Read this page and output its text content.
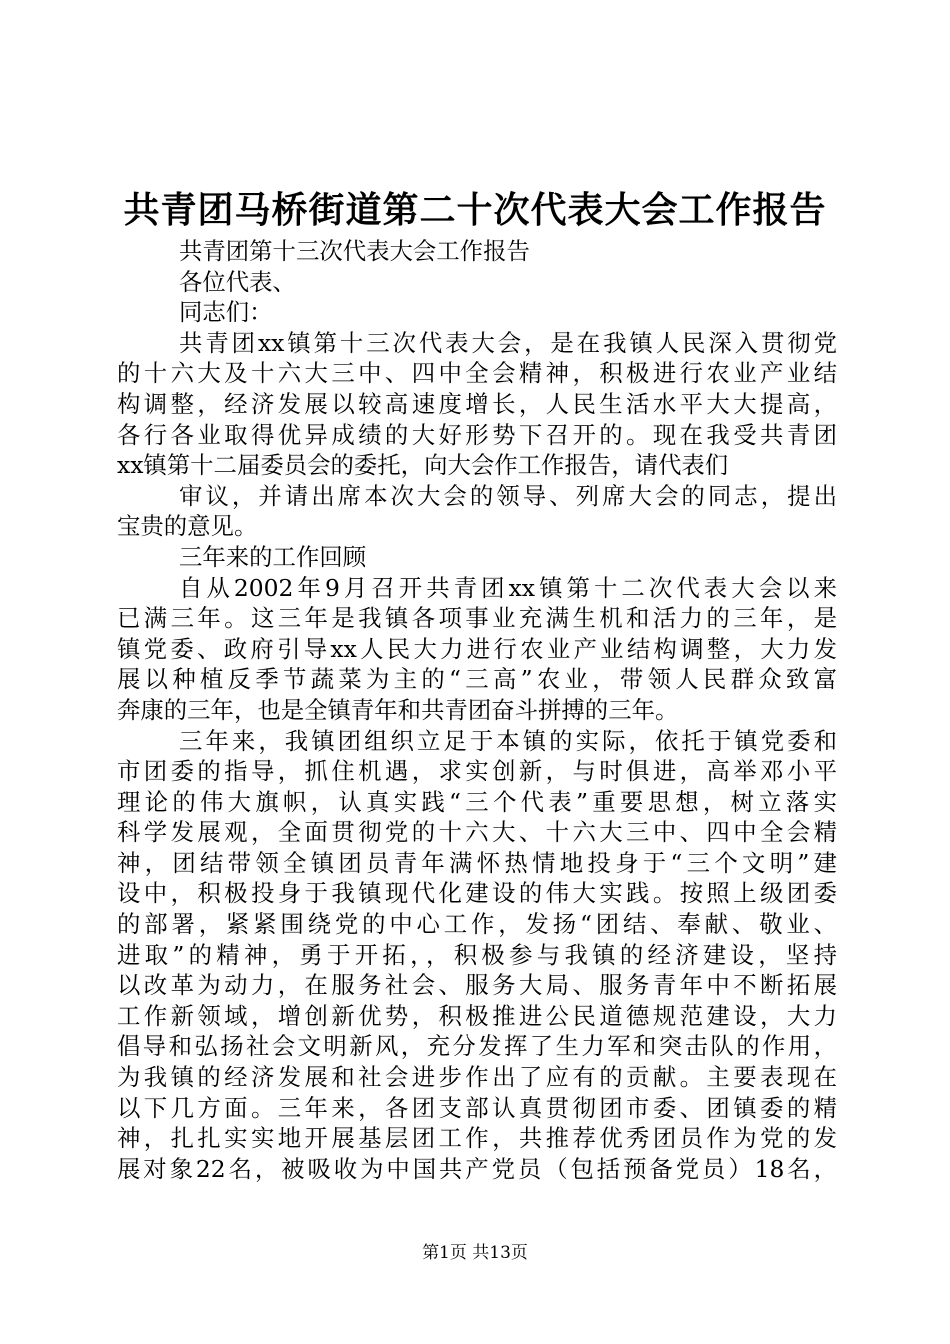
共青团马桥街道第二十次代表大会工作报告
共青团第十三次代表大会工作报告
各位代表、
同志们：
共青团xx镇第十三次代表大会，是在我镇人民深入贯彻党
的十六大及十六大三中、四中全会精神，积极进行农业产业结
构调整，经济发展以较高速度增长，人民生活水平大大提高，
各行各业取得优异成绩的大好形势下召开的。现在我受共青团
xx镇第十二届委员会的委托，向大会作工作报告，请代表们
审议，并请出席本次大会的领导、列席大会的同志，提出
宝贵的意见。
三年来的工作回顾
自从2002年9月召开共青团xx镇第十二次代表大会以来
已满三年。这三年是我镇各项事业充满生机和活力的三年，是
镇党委、政府引导xx人民大力进行农业产业结构调整，大力发
展以种植反季节蔬菜为主的“三高”农业，带领人民群众致富
奔康的三年，也是全镇青年和共青团奋斗拼搏的三年。
三年来，我镇团组织立足于本镇的实际，依托于镇党委和
市团委的指导，抓住机遇，求实创新，与时俱进，高举邓小平
理论的伟大旗帜，认真实践“三个代表”重要思想，树立落实
科学发展观，全面贯彻党的十六大、十六大三中、四中全会精
神，团结带领全镇团员青年满怀热情地投身于“三个文明”建
设中，积极投身于我镇现代化建设的伟大实践。按照上级团委
的部署，紧紧围绕党的中心工作，发扬“团结、奉献、敬业、
进取”的精神，勇于开拓，，积极参与我镇的经济建设，坚持
以改革为动力，在服务社会、服务大局、服务青年中不断拓展
工作新领域，增创新优势，积极推进公民道德规范建设，大力
倡导和弘扬社会文明新风，充分发挥了生力军和突击队的作用，
为我镇的经济发展和社会进步作出了应有的贡献。主要表现在
以下几方面。三年来，各团支部认真贯彻团市委、团镇委的精
神，扎扎实实地开展基层团工作，共推荐优秀团员作为党的发
展对象22名，被吸收为中国共产党员（包括预备党员）18名，
第1页 共13页
